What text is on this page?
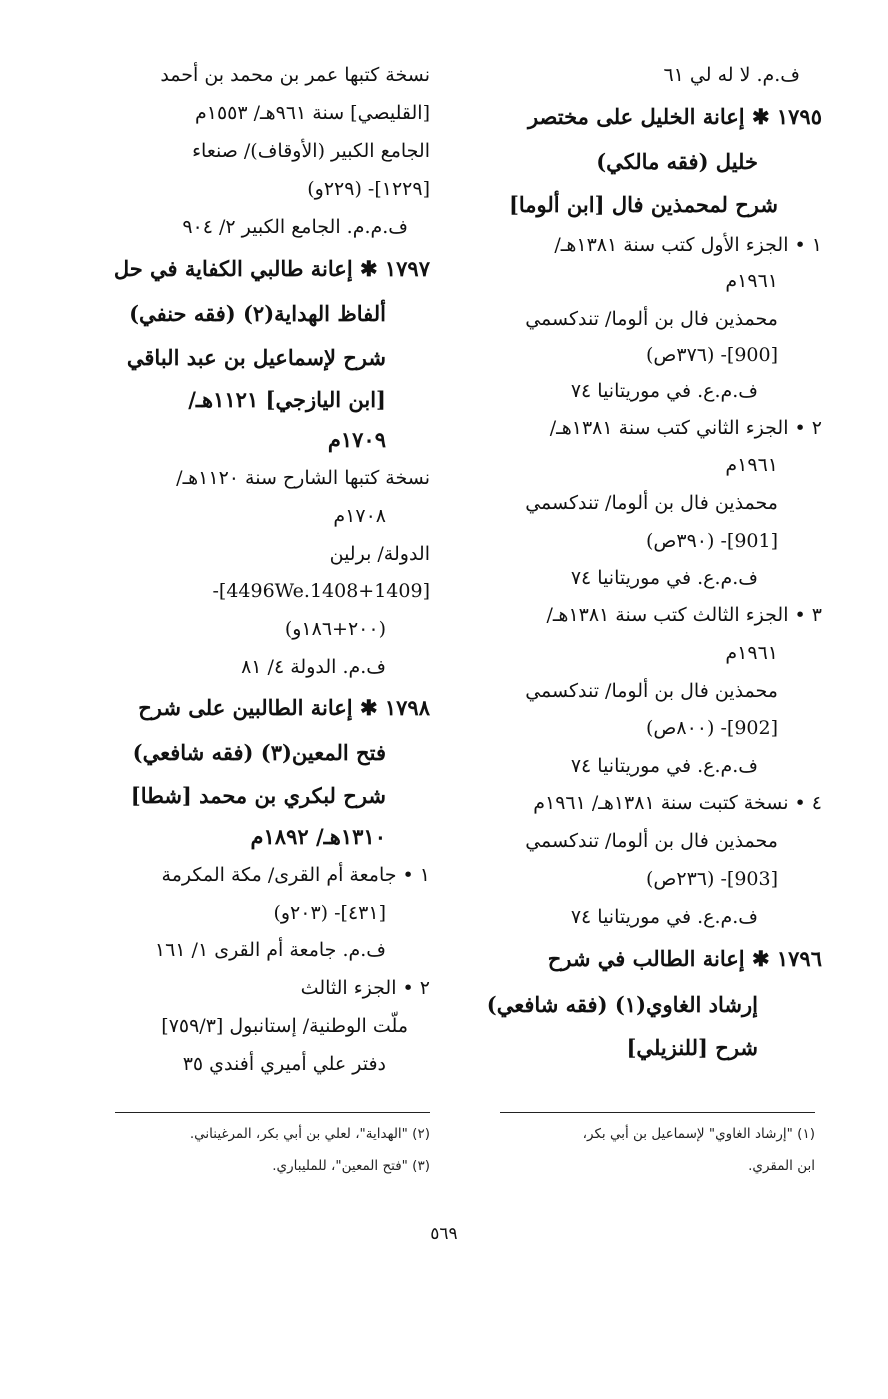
ف.م. لا له لي ٦١
١٧٩٥ ✱ إعانة الخليل على مختصر
خليل (فقه مالكي)
شرح لمحمذين فال [ابن ألوما]
١ • الجزء الأول كتب سنة ١٣٨١هـ/
١٩٦١م
محمذين فال بن ألوما/ تندكسمي
[900]- (٣٧٦ص)
ف.م.ع. في موريتانيا ٧٤
٢ • الجزء الثاني كتب سنة ١٣٨١هـ/
١٩٦١م
محمذين فال بن ألوما/ تندكسمي
[901]- (٣٩٠ص)
ف.م.ع. في موريتانيا ٧٤
٣ • الجزء الثالث كتب سنة ١٣٨١هـ/
١٩٦١م
محمذين فال بن ألوما/ تندكسمي
[902]- (٨٠٠ص)
ف.م.ع. في موريتانيا ٧٤
٤ • نسخة كتبت سنة ١٣٨١هـ/ ١٩٦١م
محمذين فال بن ألوما/ تندكسمي
[903]- (٢٣٦ص)
ف.م.ع. في موريتانيا ٧٤
١٧٩٦ ✱ إعانة الطالب في شرح
إرشاد الغاوي(١) (فقه شافعي)
شرح [للنزيلي]
نسخة كتبها عمر بن محمد بن أحمد
[القليصي] سنة ٩٦١هـ/ ١٥٥٣م
الجامع الكبير (الأوقاف)/ صنعاء
[١٢٢٩]- (٢٢٩و)
ف.م.م. الجامع الكبير ٢/ ٩٠٤
١٧٩٧ ✱ إعانة طالبي الكفاية في حل
ألفاظ الهداية(٢) (فقه حنفي)
شرح لإسماعيل بن عبد الباقي
[ابن اليازجي] ١١٢١هـ/
١٧٠٩م
نسخة كتبها الشارح سنة ١١٢٠هـ/
١٧٠٨م
الدولة/ برلين
[4496We.1408+1409]-
(٢٠٠+١٨٦و)
ف.م. الدولة ٤/ ٨١
١٧٩٨ ✱ إعانة الطالبين على شرح
فتح المعين(٣) (فقه شافعي)
شرح لبكري بن محمد [شطا]
١٣١٠هـ/ ١٨٩٢م
١ • جامعة أم القرى/ مكة المكرمة
[٤٣١]- (٢٠٣و)
ف.م. جامعة أم القرى ١/ ١٦١
٢ • الجزء الثالث
ملّت الوطنية/ إستانبول [٧٥٩/٣]
دفتر علي أميري أفندي ٣٥
(١) "إرشاد الغاوي" لإسماعيل بن أبي بكر،
ابن المقري.
(٢) "الهداية"، لعلي بن أبي بكر، المرغيناني.
(٣) "فتح المعين"، للمليباري.
٥٦٩
